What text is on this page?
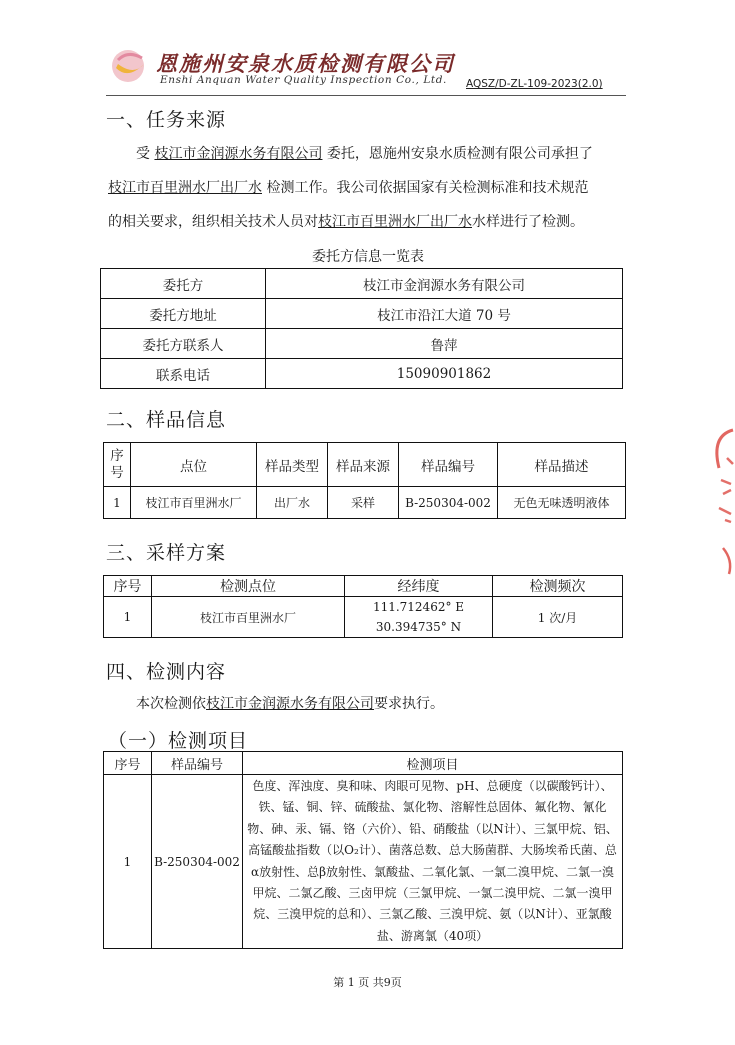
恩施州安泉水质检测有限公司
Enshi Anquan Water Quality Inspection Co., Ltd. AQSZ/D-ZL-109-2023(2.0)
一、任务来源
受 枝江市金润源水务有限公司 委托，恩施州安泉水质检测有限公司承担了
枝江市百里洲水厂出厂水 检测工作。我公司依据国家有关检测标准和技术规范
的相关要求，组织相关技术人员对枝江市百里洲水厂出厂水水样进行了检测。
委托方信息一览表
委托方	枝江市金润源水务有限公司
委托方地址	枝江市沿江大道 70 号
委托方联系人	鲁萍
联系电话	15090901862
二、样品信息
序
号	点位	样品类型	样品来源	样品编号	样品描述
1	枝江市百里洲水厂	出厂水	采样	B-250304-002	无色无味透明液体
三、采样方案
序号	检测点位	经纬度	检测频次
1	枝江市百里洲水厂	111.712462° E
30.394735° N	1 次/月
四、检测内容
本次检测依枝江市金润源水务有限公司要求执行。
（一）检测项目
序号	样品编号	检测项目
1	B-250304-002	色度、浑浊度、臭和味、肉眼可见物、pH、总硬度（以碳酸钙计）、铁、锰、铜、锌、硫酸盐、氯化物、溶解性总固体、氟化物、氰化物、砷、汞、镉、铬（六价）、铅、硝酸盐（以N计）、三氯甲烷、铝、高锰酸盐指数（以O₂计）、菌落总数、总大肠菌群、大肠埃希氏菌、总α放射性、总β放射性、氯酸盐、二氧化氯、一氯二溴甲烷、二氯一溴甲烷、二氯乙酸、三卤甲烷（三氯甲烷、一氯二溴甲烷、二氯一溴甲烷、三溴甲烷的总和）、三氯乙酸、三溴甲烷、氨（以N计）、亚氯酸盐、游离氯（40项）
第 1 页 共9页
